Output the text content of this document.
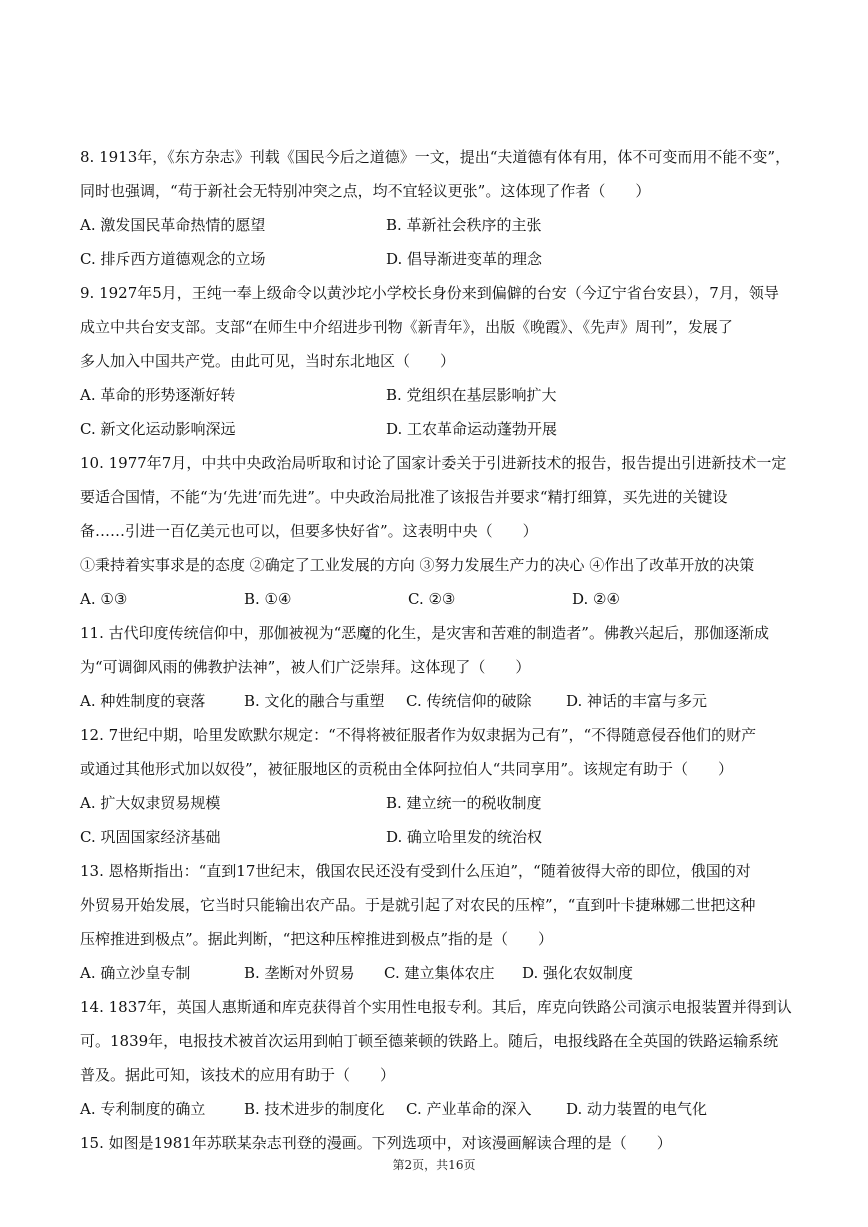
8. 1913年，《东方杂志》刊载《国民今后之道德》一文，提出“夫道德有体有用，体不可变而用不能不变”，
同时也强调，“苟于新社会无特别冲突之点，均不宜轻议更张”。这体现了作者（　　）
A. 激发国民革命热情的愿望	B. 革新社会秩序的主张
C. 排斥西方道德观念的立场	D. 倡导渐进变革的理念
9. 1927年5月，王纯一奉上级命令以黄沙坨小学校长身份来到偏僻的台安（今辽宁省台安县），7月，领导
成立中共台安支部。支部“在师生中介绍进步刊物《新青年》，出版《晚霞》、《先声》周刊”，发展了
多人加入中国共产党。由此可见，当时东北地区（　　）
A. 革命的形势逐渐好转	B. 党组织在基层影响扩大
C. 新文化运动影响深远	D. 工农革命运动蓬勃开展
10. 1977年7月，中共中央政治局听取和讨论了国家计委关于引进新技术的报告，报告提出引进新技术一定
要适合国情，不能“为‘先进’而先进”。中央政治局批准了该报告并要求“精打细算，买先进的关键设
备……引进一百亿美元也可以，但要多快好省”。这表明中央（　　）
①秉持着实事求是的态度 ②确定了工业发展的方向 ③努力发展生产力的决心 ④作出了改革开放的决策
A. ①③	B. ①④	C. ②③	D. ②④
11. 古代印度传统信仰中，那伽被视为“恶魔的化生，是灾害和苦难的制造者”。佛教兴起后，那伽逐渐成
为“可调御风雨的佛教护法神”，被人们广泛崇拜。这体现了（　　）
A. 种姓制度的衰落	B. 文化的融合与重塑	C. 传统信仰的破除	D. 神话的丰富与多元
12. 7世纪中期，哈里发欧默尔规定：“不得将被征服者作为奴隶据为己有”，“不得随意侵吞他们的财产
或通过其他形式加以奴役”，被征服地区的贡税由全体阿拉伯人“共同享用”。该规定有助于（　　）
A. 扩大奴隶贸易规模	B. 建立统一的税收制度
C. 巩固国家经济基础	D. 确立哈里发的统治权
13. 恩格斯指出：“直到17世纪末，俄国农民还没有受到什么压迫”，“随着彼得大帝的即位，俄国的对
外贸易开始发展，它当时只能输出农产品。于是就引起了对农民的压榨”，“直到叶卡捷琳娜二世把这种
压榨推进到极点”。据此判断，“把这种压榨推进到极点”指的是（　　）
A. 确立沙皇专制	B. 垄断对外贸易	C. 建立集体农庄	D. 强化农奴制度
14. 1837年，英国人惠斯通和库克获得首个实用性电报专利。其后，库克向铁路公司演示电报装置并得到认
可。1839年，电报技术被首次运用到帕丁顿至德莱顿的铁路上。随后，电报线路在全英国的铁路运输系统
普及。据此可知，该技术的应用有助于（　　）
A. 专利制度的确立	B. 技术进步的制度化	C. 产业革命的深入	D. 动力装置的电气化
15. 如图是1981年苏联某杂志刊登的漫画。下列选项中，对该漫画解读合理的是（　　）
第2页，共16页
